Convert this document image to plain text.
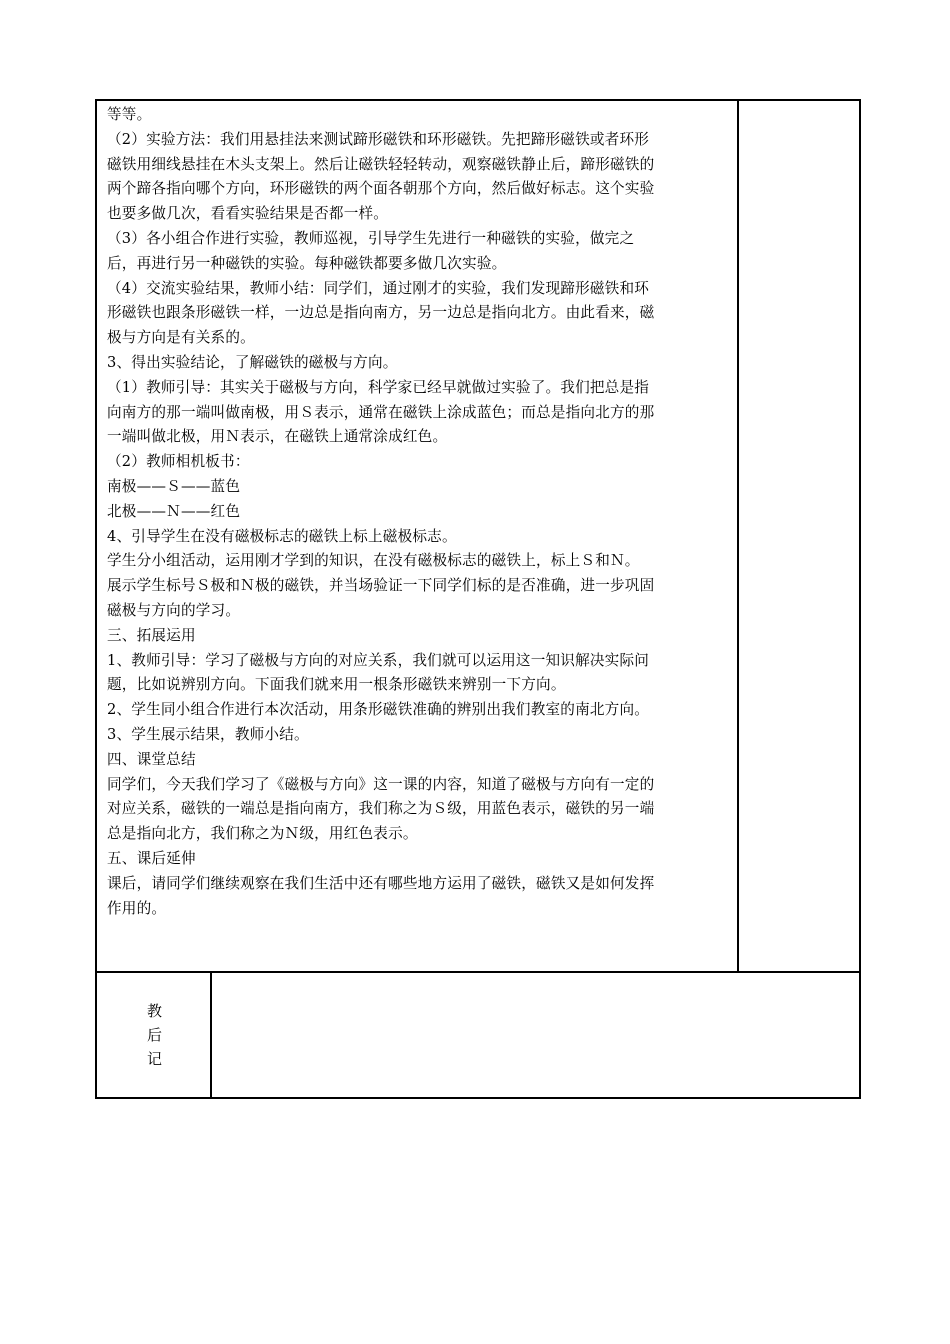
等等。
（2）实验方法：我们用悬挂法来测试蹄形磁铁和环形磁铁。先把蹄形磁铁或者环形
磁铁用细线悬挂在木头支架上。然后让磁铁轻轻转动，观察磁铁静止后，蹄形磁铁的
两个蹄各指向哪个方向，环形磁铁的两个面各朝那个方向，然后做好标志。这个实验
也要多做几次，看看实验结果是否都一样。
（3）各小组合作进行实验，教师巡视，引导学生先进行一种磁铁的实验，做完之
后，再进行另一种磁铁的实验。每种磁铁都要多做几次实验。
（4）交流实验结果，教师小结：同学们，通过刚才的实验，我们发现蹄形磁铁和环
形磁铁也跟条形磁铁一样，一边总是指向南方，另一边总是指向北方。由此看来，磁
极与方向是有关系的。
3、得出实验结论，了解磁铁的磁极与方向。
（1）教师引导：其实关于磁极与方向，科学家已经早就做过实验了。我们把总是指
向南方的那一端叫做南极，用Ｓ表示，通常在磁铁上涂成蓝色；而总是指向北方的那
一端叫做北极，用Ｎ表示，在磁铁上通常涂成红色。
（2）教师相机板书：
南极——Ｓ——蓝色
北极——Ｎ——红色
4、引导学生在没有磁极标志的磁铁上标上磁极标志。
学生分小组活动，运用刚才学到的知识，在没有磁极标志的磁铁上，标上Ｓ和Ｎ。
展示学生标号Ｓ极和Ｎ极的磁铁，并当场验证一下同学们标的是否准确，进一步巩固
磁极与方向的学习。
三、拓展运用
1、教师引导：学习了磁极与方向的对应关系，我们就可以运用这一知识解决实际问
题，比如说辨别方向。下面我们就来用一根条形磁铁来辨别一下方向。
2、学生同小组合作进行本次活动，用条形磁铁准确的辨别出我们教室的南北方向。
3、学生展示结果，教师小结。
四、课堂总结
同学们，今天我们学习了《磁极与方向》这一课的内容，知道了磁极与方向有一定的
对应关系，磁铁的一端总是指向南方，我们称之为Ｓ级，用蓝色表示，磁铁的另一端
总是指向北方，我们称之为Ｎ级，用红色表示。
五、课后延伸
课后，请同学们继续观察在我们生活中还有哪些地方运用了磁铁，磁铁又是如何发挥
作用的。
教
后
记
